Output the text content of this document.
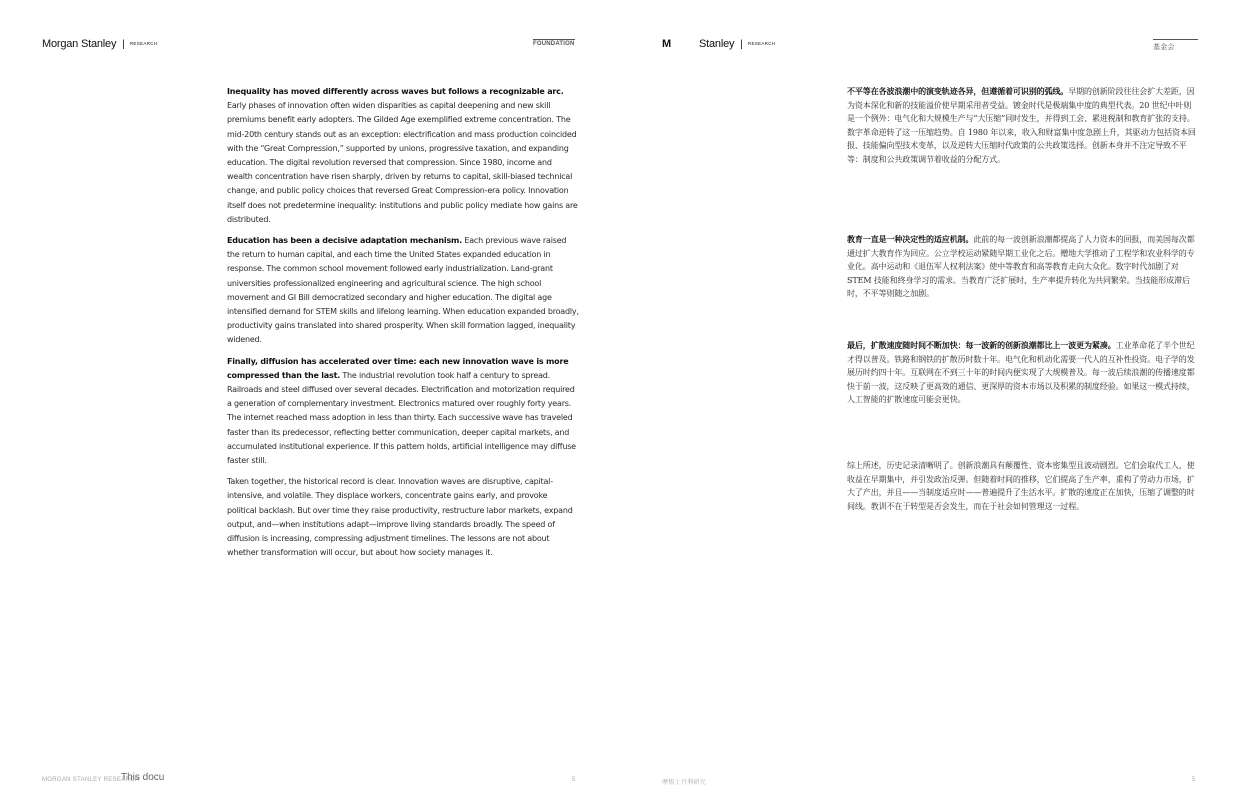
Morgan Stanley | $^{RESEARCH}$	FOUNDATION
MORGAN STANLEY RESEARCH
This docu	5

Inequality has moved differently across waves but follows a recognizable arc. Early phases of innovation often widen disparities as capital deepening and new skill premiums benefit early adopters. The Gilded Age exemplified extreme concentration. The mid-20th century stands out as an exception: electrification and mass production coincided with the “Great Compression,” supported by unions, progressive taxation, and expanding education. The digital revolution reversed that compression. Since 1980, income and wealth concentration have risen sharply, driven by returns to capital, skill-biased technical change, and public policy choices that reversed Great Compression-era policy. Innovation itself does not predetermine inequality: institutions and public policy mediate how gains are distributed.

Education has been a decisive adaptation mechanism. Each previous wave raised the return to human capital, and each time the United States expanded education in response. The common school movement followed early industrialization. Land-grant universities professionalized engineering and agricultural science. The high school movement and GI Bill democratized secondary and higher education. The digital age intensified demand for STEM skills and lifelong learning. When education expanded broadly, productivity gains translated into shared prosperity. When skill formation lagged, inequality widened.

Finally, diffusion has accelerated over time: each new innovation wave is more compressed than the last. The industrial revolution took half a century to spread. Railroads and steel diffused over several decades. Electrification and motorization required a generation of complementary investment. Electronics matured over roughly forty years. The internet reached mass adoption in less than thirty. Each successive wave has traveled faster than its predecessor, reflecting better communication, deeper capital markets, and accumulated institutional experience. If this pattern holds, artificial intelligence may diffuse faster still.

Taken together, the historical record is clear. Innovation waves are disruptive, capital-intensive, and volatile. They displace workers, concentrate gains early, and provoke political backlash. But over time they raise productivity, restructure labor markets, expand output, and—when institutions adapt—improve living standards broadly. The speed of diffusion is increasing, compressing adjustment timelines. The lessons are not about whether transformation will occur, but about how society manages it.

M	Stanley | $^{RESEARCH}$	基金会
摩根士丹利研究	5

不平等在各波浪潮中的演变轨迹各异，但遵循着可识别的弧线。早期的创新阶段往往会扩大差距，因为资本深化和新的技能溢价使早期采用者受益。镀金时代是极端集中度的典型代表。20 世纪中叶则是一个例外：电气化和大规模生产与“大压缩”同时发生，并得到工会、累进税制和教育扩张的支持。数字革命逆转了这一压缩趋势。自 1980 年以来，收入和财富集中度急剧上升，其驱动力包括资本回报、技能偏向型技术变革，以及逆转大压缩时代政策的公共政策选择。创新本身并不注定导致不平等：制度和公共政策调节着收益的分配方式。

教育一直是一种决定性的适应机制。此前的每一波创新浪潮都提高了人力资本的回报，而美国每次都通过扩大教育作为回应。公立学校运动紧随早期工业化之后。赠地大学推动了工程学和农业科学的专业化。高中运动和《退伍军人权利法案》使中等教育和高等教育走向大众化。数字时代加剧了对STEM 技能和终身学习的需求。当教育广泛扩展时，生产率提升转化为共同繁荣。当技能形成滞后时，不平等则随之加剧。

最后，扩散速度随时间不断加快：每一波新的创新浪潮都比上一波更为紧凑。工业革命花了半个世纪才得以普及。铁路和钢铁的扩散历时数十年。电气化和机动化需要一代人的互补性投资。电子学的发展历时约四十年。互联网在不到三十年的时间内便实现了大规模普及。每一波后续浪潮的传播速度都快于前一波，这反映了更高效的通信、更深厚的资本市场以及积累的制度经验。如果这一模式持续，人工智能的扩散速度可能会更快。

综上所述，历史记录清晰明了。创新浪潮具有颠覆性、资本密集型且波动剧烈。它们会取代工人，使收益在早期集中，并引发政治反弹。但随着时间的推移，它们提高了生产率，重构了劳动力市场，扩大了产出，并且——当制度适应时——普遍提升了生活水平。扩散的速度正在加快，压缩了调整的时间线。教训不在于转型是否会发生，而在于社会如何管理这一过程。
